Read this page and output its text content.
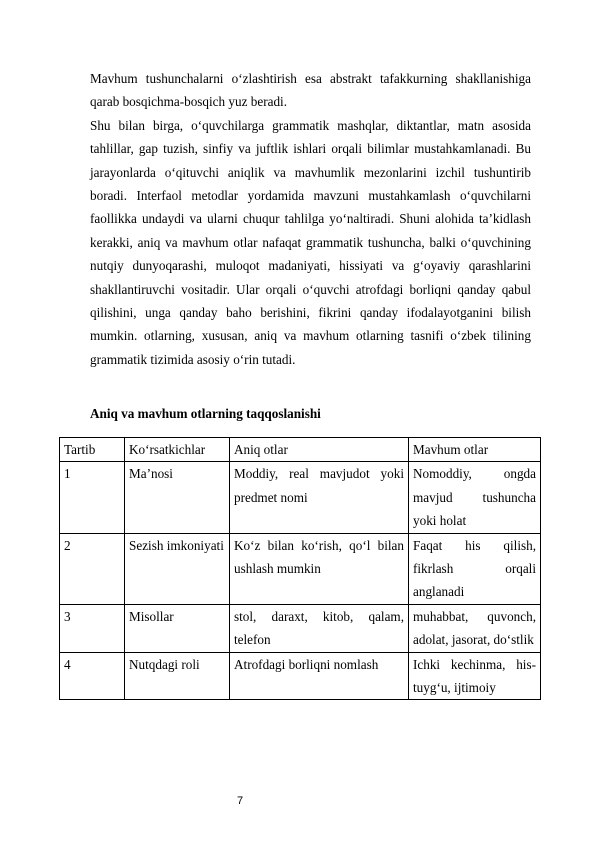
Mavhum tushunchalarni o‘zlashtirish esa abstrakt tafakkurning shakllanishiga qarab bosqichma-bosqich yuz beradi.

Shu bilan birga, o‘quvchilarga grammatik mashqlar, diktantlar, matn asosida tahlillar, gap tuzish, sinfiy va juftlik ishlari orqali bilimlar mustahkamlanadi. Bu jarayonlarda o‘qituvchi aniqlik va mavhumlik mezonlarini izchil tushuntirib boradi. Interfaol metodlar yordamida mavzuni mustahkamlash o‘quvchilarni faollikka undaydi va ularni chuqur tahlilga yo‘naltiradi. Shuni alohida ta’kidlash kerakki, aniq va mavhum otlar nafaqat grammatik tushuncha, balki o‘quvchining nutqiy dunyoqarashi, muloqot madaniyati, hissiyati va g‘oyaviy qarashlarini shakllantiruvchi vositadir. Ular orqali o‘quvchi atrofdagi borliqni qanday qabul qilishini, unga qanday baho berishini, fikrini qanday ifodalayotganini bilish mumkin. otlarning, xususan, aniq va mavhum otlarning tasnifi o‘zbek tilining grammatik tizimida asosiy o‘rin tutadi.

Aniq va mavhum otlarning taqqoslanishi

Tartib	Ko‘rsatkichlar	Aniq otlar	Mavhum otlar
1	Ma’nosi	Moddiy, real mavjudot yoki predmet nomi	Nomoddiy, ongda mavjud tushuncha yoki holat
2	Sezish imkoniyati	Ko‘z bilan ko‘rish, qo‘l bilan ushlash mumkin	Faqat his qilish, fikrlash orqali anglanadi
3	Misollar	stol, daraxt, kitob, qalam, telefon	muhabbat, quvonch, adolat, jasorat, do‘stlik
4	Nutqdagi roli	Atrofdagi borliqni nomlash	Ichki kechinma, his-tuyg‘u, ijtimoiy
7
